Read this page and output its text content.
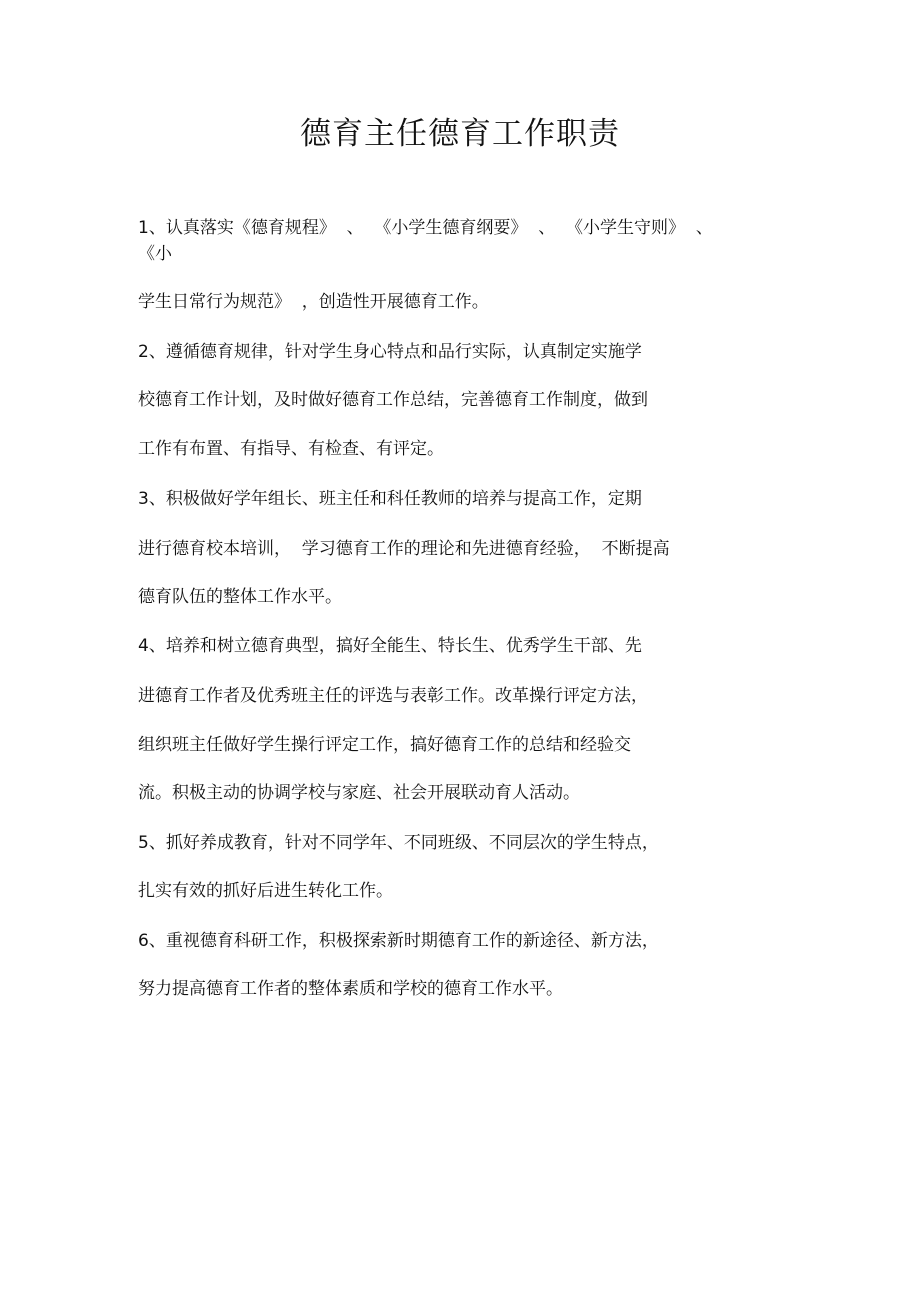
德育主任德育工作职责

1、认真落实《德育规程》  、  《小学生德育纲要》  、  《小学生守则》  、

《小

学生日常行为规范》  ，创造性开展德育工作。

2、遵循德育规律，针对学生身心特点和品行实际，认真制定实施学

校德育工作计划，及时做好德育工作总结，完善德育工作制度，做到

工作有布置、有指导、有检查、有评定。

3、积极做好学年组长、班主任和科任教师的培养与提高工作，定期

进行德育校本培训，  学习德育工作的理论和先进德育经验，  不断提高

德育队伍的整体工作水平。

4、培养和树立德育典型，搞好全能生、特长生、优秀学生干部、先

进德育工作者及优秀班主任的评选与表彰工作。改革操行评定方法，

组织班主任做好学生操行评定工作，搞好德育工作的总结和经验交

流。积极主动的协调学校与家庭、社会开展联动育人活动。

5、抓好养成教育，针对不同学年、不同班级、不同层次的学生特点，

扎实有效的抓好后进生转化工作。

6、重视德育科研工作，积极探索新时期德育工作的新途径、新方法，

努力提高德育工作者的整体素质和学校的德育工作水平。
